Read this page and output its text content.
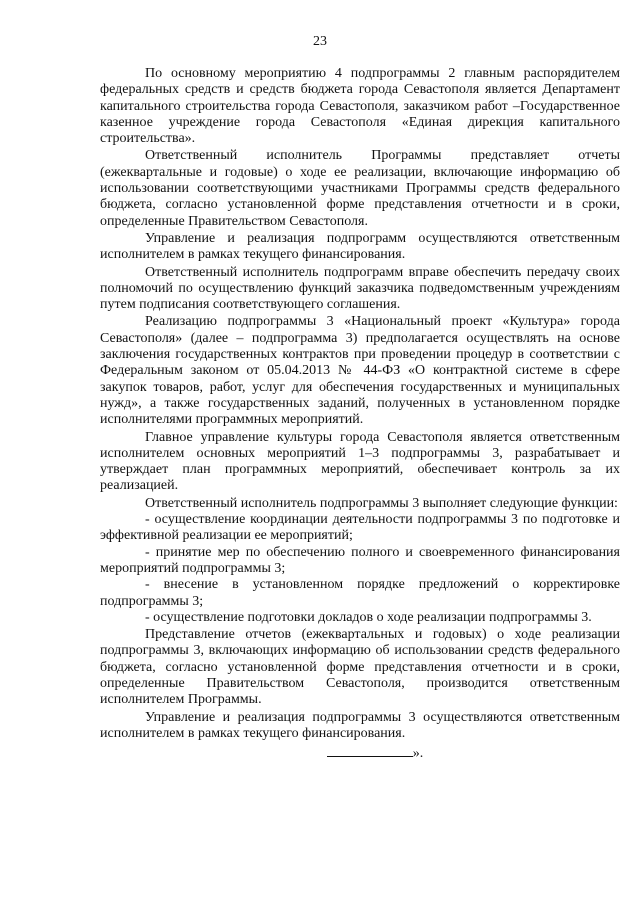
23

По основному мероприятию 4 подпрограммы 2 главным распорядителем федеральных средств и средств бюджета города Севастополя является Департамент капитального строительства города Севастополя, заказчиком работ –Государственное казенное учреждение города Севастополя «Единая дирекция капитального строительства».

Ответственный исполнитель Программы представляет отчеты (ежеквартальные и годовые) о ходе ее реализации, включающие информацию об использовании соответствующими участниками Программы средств федерального бюджета, согласно установленной форме представления отчетности и в сроки, определенные Правительством Севастополя.

Управление и реализация подпрограмм осуществляются ответственным исполнителем в рамках текущего финансирования.

Ответственный исполнитель подпрограмм вправе обеспечить передачу своих полномочий по осуществлению функций заказчика подведомственным учреждениям путем подписания соответствующего соглашения.

Реализацию подпрограммы 3 «Национальный проект «Культура» города Севастополя» (далее – подпрограмма 3) предполагается осуществлять на основе заключения государственных контрактов при проведении процедур в соответствии с Федеральным законом от 05.04.2013 № 44-ФЗ «О контрактной системе в сфере закупок товаров, работ, услуг для обеспечения государственных и муниципальных нужд», а также государственных заданий, полученных в установленном порядке исполнителями программных мероприятий.

Главное управление культуры города Севастополя является ответственным исполнителем основных мероприятий 1–3 подпрограммы 3, разрабатывает и утверждает план программных мероприятий, обеспечивает контроль за их реализацией.

Ответственный исполнитель подпрограммы 3 выполняет следующие функции:

- осуществление координации деятельности подпрограммы 3 по подготовке и эффективной реализации ее мероприятий;

- принятие мер по обеспечению полного и своевременного финансирования мероприятий подпрограммы 3;

- внесение в установленном порядке предложений о корректировке подпрограммы 3;

- осуществление подготовки докладов о ходе реализации подпрограммы 3.

Представление отчетов (ежеквартальных и годовых) о ходе реализации подпрограммы 3, включающих информацию об использовании средств федерального бюджета, согласно установленной форме представления отчетности и в сроки, определенные Правительством Севастополя, производится ответственным исполнителем Программы.

Управление и реализация подпрограммы 3 осуществляются ответственным исполнителем в рамках текущего финансирования.

».
